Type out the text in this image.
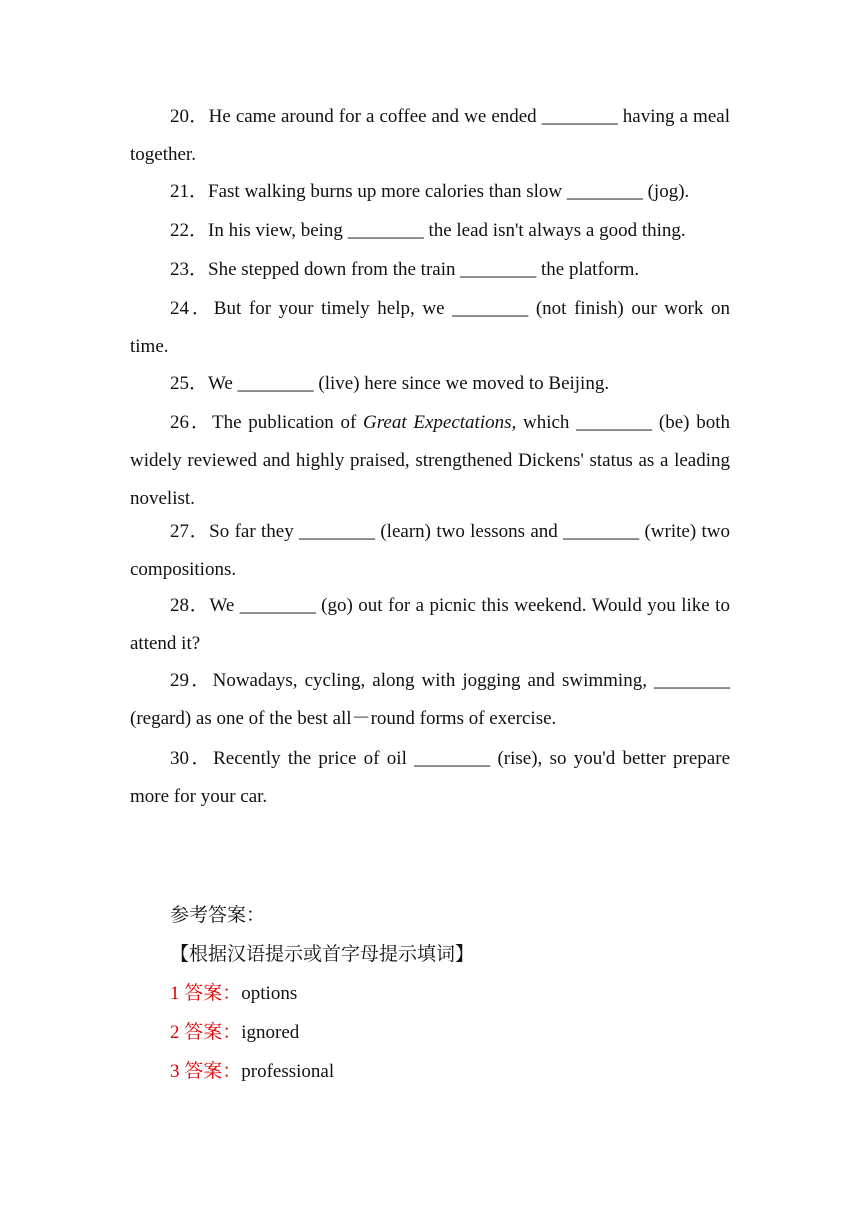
20．He came around for a coffee and we ended ________ having a meal together.

21．Fast walking burns up more calories than slow ________ (jog).

22．In his view, being ________ the lead isn't always a good thing.

23．She stepped down from the train ________ the platform.

24．But for your timely help, we ________ (not finish) our work on time.

25．We ________ (live) here since we moved to Beijing.

26．The publication of Great Expectations, which ________ (be) both widely reviewed and highly praised, strengthened Dickens' status as a leading novelist.

27．So far they ________ (learn) two lessons and ________ (write) two compositions.

28．We ________ (go) out for a picnic this weekend. Would you like to attend it?

29．Nowadays, cycling, along with jogging and swimming, ________ (regard) as one of the best all－round forms of exercise.

30．Recently the price of oil ________ (rise), so you'd better prepare more for your car.

参考答案：

【根据汉语提示或首字母提示填词】

1 答案：options

2 答案：ignored

3 答案：professional
